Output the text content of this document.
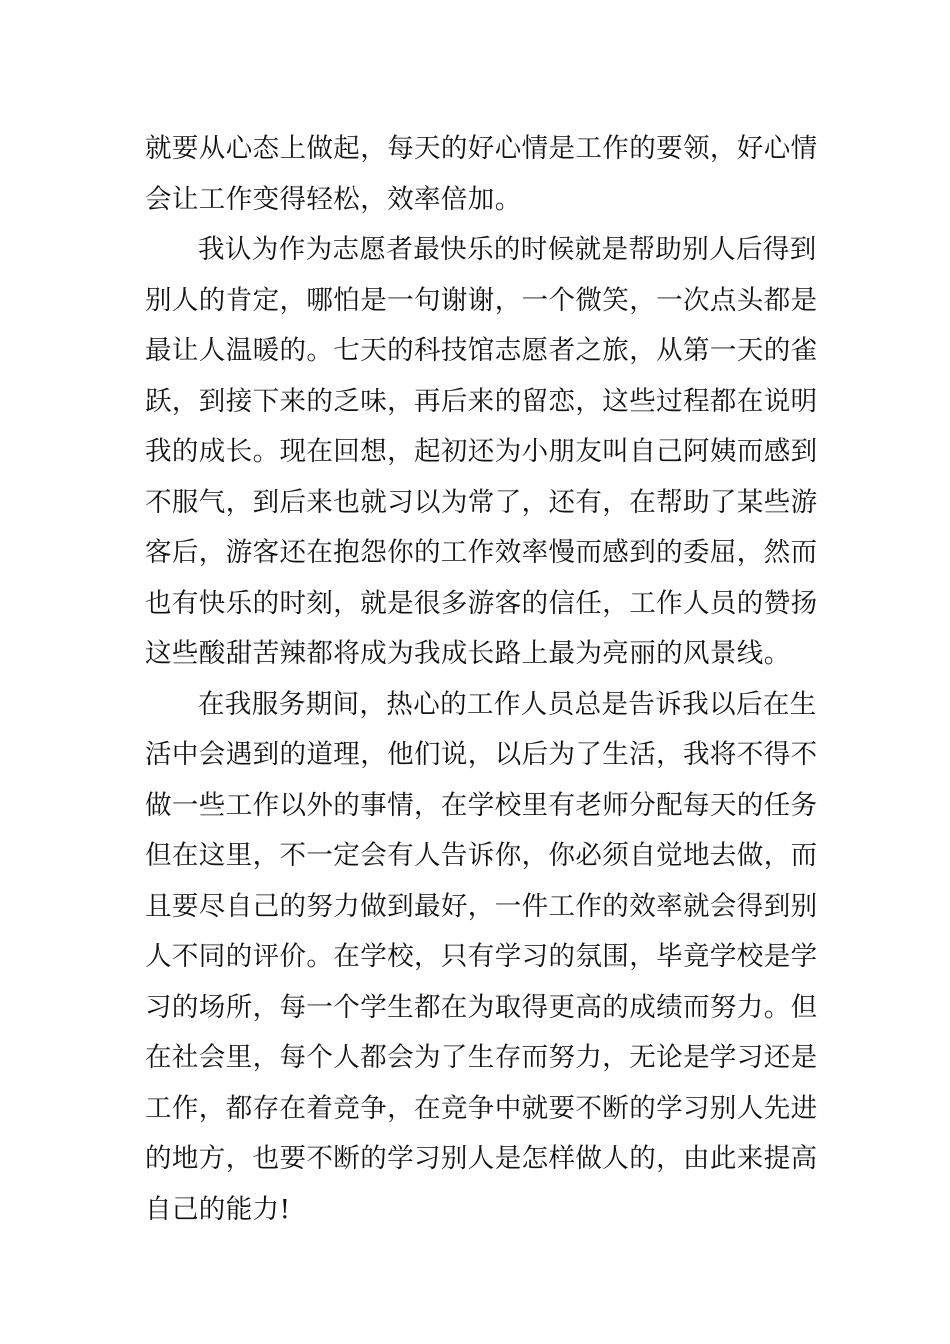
就要从心态上做起，每天的好心情是工作的要领，好心情
会让工作变得轻松，效率倍加。
我认为作为志愿者最快乐的时候就是帮助别人后得到
别人的肯定，哪怕是一句谢谢，一个微笑，一次点头都是
最让人温暖的。七天的科技馆志愿者之旅，从第一天的雀
跃，到接下来的乏味，再后来的留恋，这些过程都在说明
我的成长。现在回想，起初还为小朋友叫自己阿姨而感到
不服气，到后来也就习以为常了，还有，在帮助了某些游
客后，游客还在抱怨你的工作效率慢而感到的委屈，然而
也有快乐的时刻，就是很多游客的信任，工作人员的赞扬
这些酸甜苦辣都将成为我成长路上最为亮丽的风景线。
在我服务期间，热心的工作人员总是告诉我以后在生
活中会遇到的道理，他们说，以后为了生活，我将不得不
做一些工作以外的事情，在学校里有老师分配每天的任务
但在这里，不一定会有人告诉你，你必须自觉地去做，而
且要尽自己的努力做到最好，一件工作的效率就会得到别
人不同的评价。在学校，只有学习的氛围，毕竟学校是学
习的场所，每一个学生都在为取得更高的成绩而努力。但
在社会里，每个人都会为了生存而努力，无论是学习还是
工作，都存在着竞争，在竞争中就要不断的学习别人先进
的地方，也要不断的学习别人是怎样做人的，由此来提高
自己的能力!
